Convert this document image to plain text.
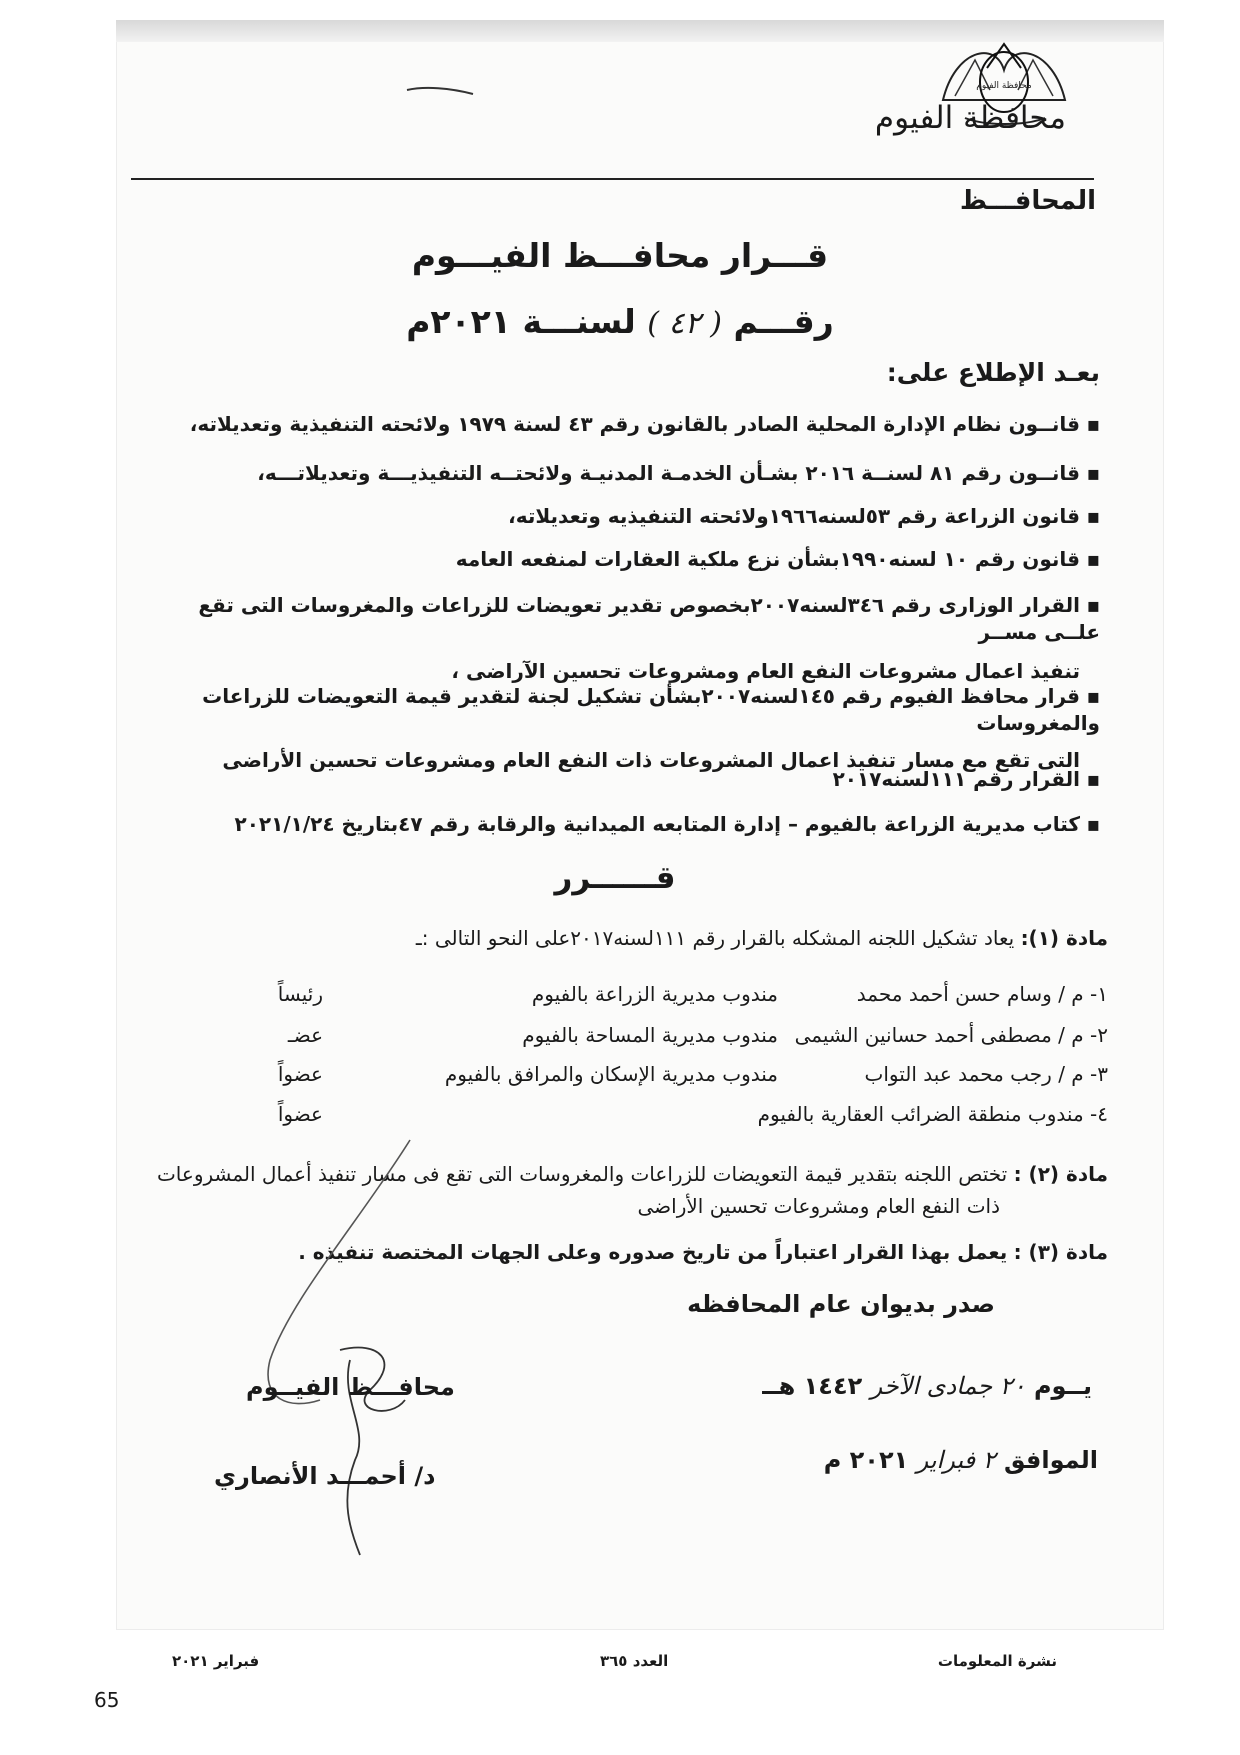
محافظة الفيوم
محافظة الفيوم
المحافـــظ
قـــرار محافـــظ الفيـــوم
رقـــم ( ٤٢ ) لسنـــة ٢٠٢١م
بعـد الإطلاع على:
▪قانــون نظام الإدارة المحلية الصادر بالقانون رقم ٤٣ لسنة ١٩٧٩ ولائحته التنفيذية وتعديلاته،
▪قانــون رقم ٨١ لسنــة ٢٠١٦ بشـأن الخدمـة المدنيـة ولائحتــه التنفيذيـــة وتعديلاتـــه،
▪قانون الزراعة رقم ٥٣لسنه١٩٦٦ولائحته التنفيذيه وتعديلاته،
▪قانون رقم ١٠ لسنه١٩٩٠بشأن نزع ملكية العقارات لمنفعه العامه
▪القرار الوزارى رقم ٣٤٦لسنه٢٠٠٧بخصوص تقدير تعويضات للزراعات والمغروسات التى تقع علــى مســر
تنفيذ اعمال مشروعات النفع العام ومشروعات تحسين الآراضى ،
▪قرار محافظ الفيوم رقم ١٤٥لسنه٢٠٠٧بشأن تشكيل لجنة لتقدير قيمة التعويضات للزراعات والمغروسات
التى تقع مع مسار تنفيذ اعمال المشروعات ذات النفع العام ومشروعات تحسين الأراضى
▪القرار رقم ١١١لسنه٢٠١٧
▪كتاب مديرية الزراعة بالفيوم – إدارة المتابعه الميدانية والرقابة رقم ٤٧بتاريخ ٢٠٢١/١/٢٤
قــــــرر
مادة (١): يعاد تشكيل اللجنه المشكله بالقرار رقم ١١١لسنه٢٠١٧على النحو التالى :ـ
١- م / وسام حسن أحمد محمد
مندوب مديرية الزراعة بالفيوم
رئيساً
٢- م / مصطفى أحمد حسانين الشيمى
مندوب مديرية المساحة بالفيوم
عضـ
٣- م / رجب محمد عبد التواب
مندوب مديرية الإسكان والمرافق بالفيوم
عضواً
٤- مندوب منطقة الضرائب العقارية بالفيوم
عضواً
مادة (٢) : تختص اللجنه بتقدير قيمة التعويضات للزراعات والمغروسات التى تقع فى مسار تنفيذ أعمال المشروعات
ذات النفع العام ومشروعات تحسين الأراضى
مادة (٣) : يعمل بهذا القرار اعتباراً من تاريخ صدوره وعلى الجهات المختصة تنفيذه .
صدر بديوان عام المحافظه
يــوم ٢٠ جمادى الآخر ١٤٤٢ هــ
الموافق ٢ فبراير ٢٠٢١ م
محافـــظ الفيــوم
د/ أحمـــد الأنصاري
نشرة المعلومات
العدد ٣٦٥
فبراير ٢٠٢١
65
